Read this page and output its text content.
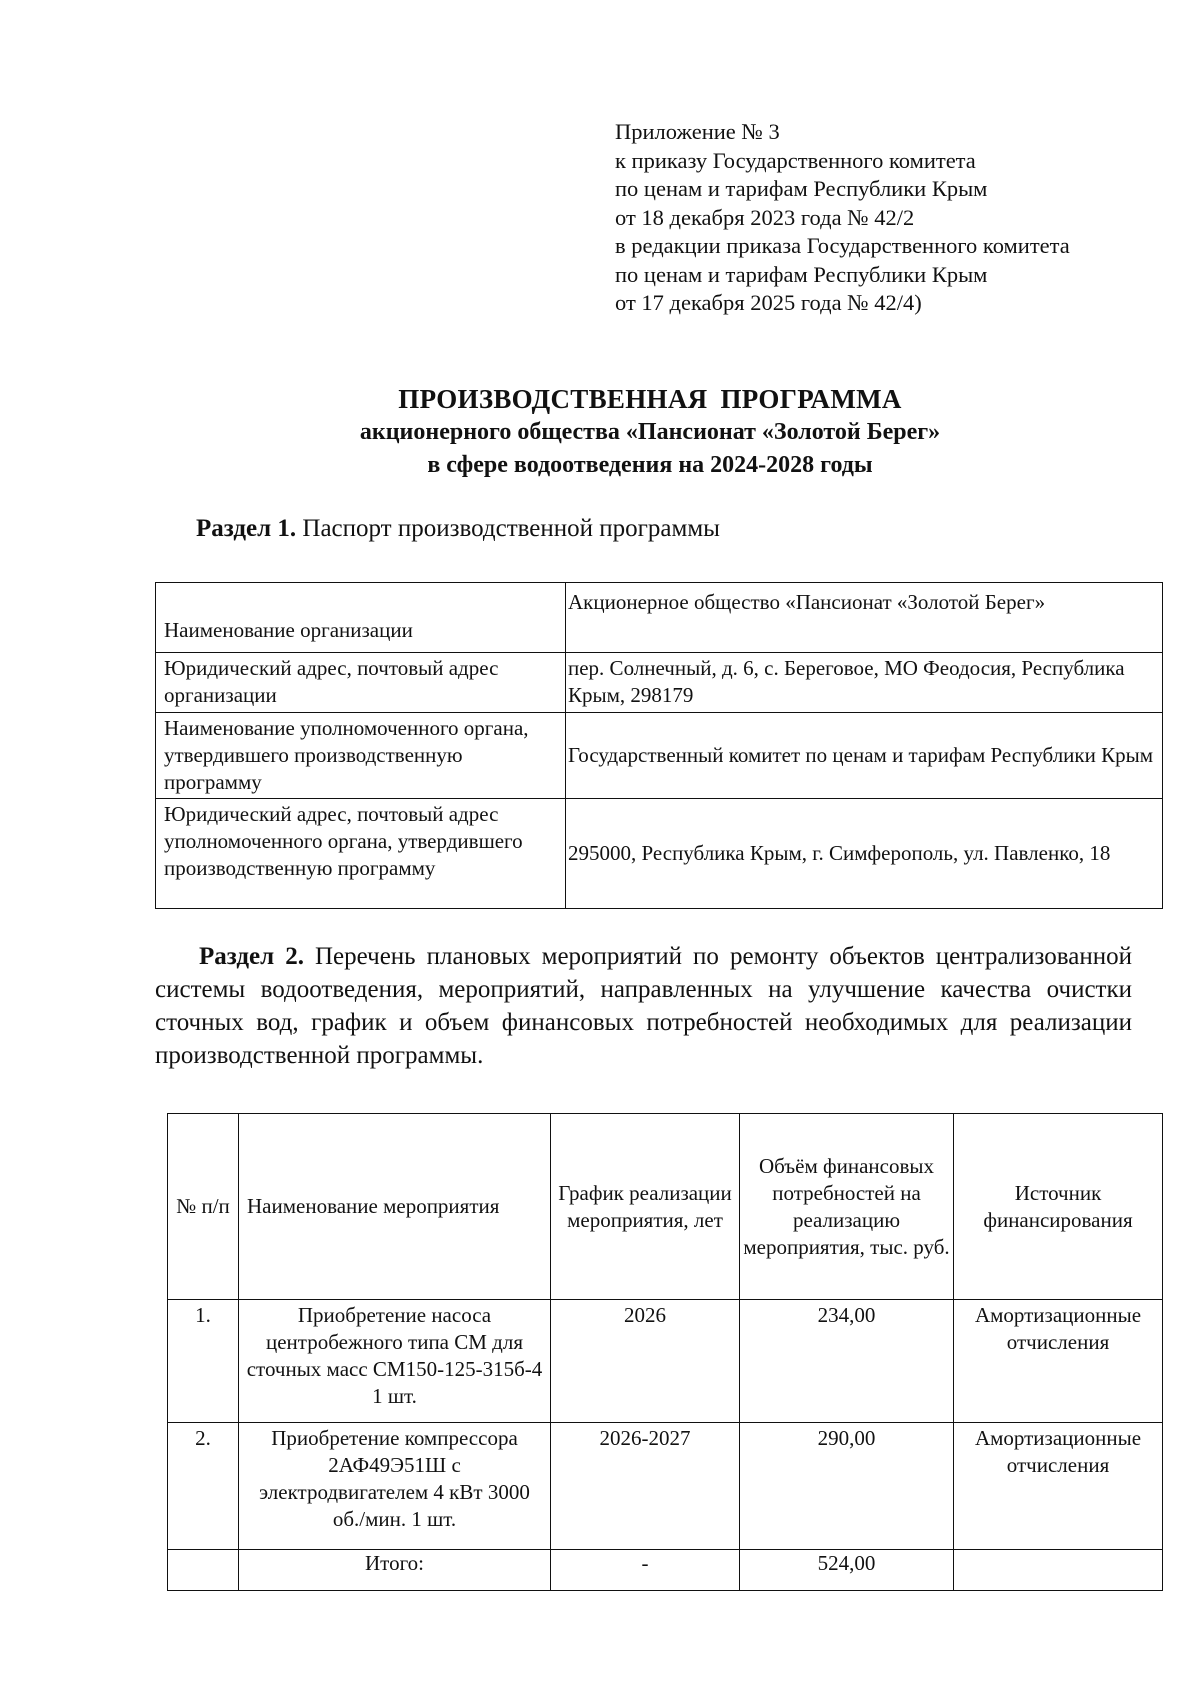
Приложение № 3
к приказу Государственного комитета
по ценам и тарифам Республики Крым
от 18 декабря 2023 года № 42/2
в редакции приказа Государственного комитета
по ценам и тарифам Республики Крым
от 17 декабря 2025 года № 42/4)
ПРОИЗВОДСТВЕННАЯ ПРОГРАММА
акционерного общества «Пансионат «Золотой Берег»
в сфере водоотведения на 2024-2028 годы
Раздел 1. Паспорт производственной программы
Наименование организации	Акционерное общество «Пансионат «Золотой Берег»
Юридический адрес, почтовый адрес организации	пер. Солнечный, д. 6, с. Береговое, МО Феодосия, Республика Крым, 298179
Наименование уполномоченного органа, утвердившего производственную программу	Государственный комитет по ценам и тарифам Республики Крым
Юридический адрес, почтовый адрес уполномоченного органа, утвердившего производственную программу	295000, Республика Крым, г. Симферополь, ул. Павленко, 18

Раздел 2. Перечень плановых мероприятий по ремонту объектов централизованной системы водоотведения, мероприятий, направленных на улучшение качества очистки сточных вод, график и объем финансовых потребностей необходимых для реализации производственной программы.

№ п/п	Наименование мероприятия	График реализации мероприятия, лет	Объём финансовых потребностей на реализацию мероприятия, тыс. руб.	Источник финансирования
1.	Приобретение насоса центробежного типа СМ для сточных масс СМ150-125-315б-4 1 шт.	2026	234,00	Амортизационные отчисления
2.	Приобретение компрессора 2АФ49Э51Ш с электродвигателем 4 кВт 3000 об./мин. 1 шт.	2026-2027	290,00	Амортизационные отчисления
	Итого:	-	524,00	
